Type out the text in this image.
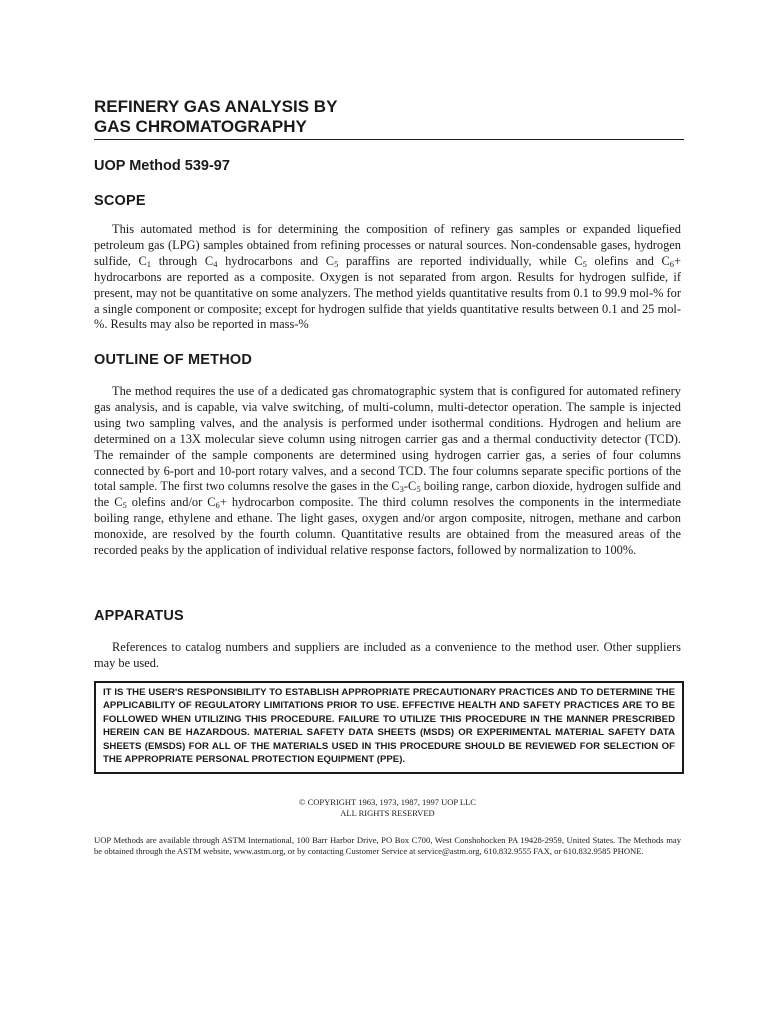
REFINERY GAS ANALYSIS BY
GAS CHROMATOGRAPHY
UOP Method 539-97
SCOPE

This automated method is for determining the composition of refinery gas samples or expanded liquefied petroleum gas (LPG) samples obtained from refining processes or natural sources. Non-condensable gases, hydrogen sulfide, $C_1$ through $C_4$ hydrocarbons and $C_5$ paraffins are reported individually, while $C_5$ olefins and $C_6+$ hydrocarbons are reported as a composite. Oxygen is not separated from argon. Results for hydrogen sulfide, if present, may not be quantitative on some analyzers. The method yields quantitative results from 0.1 to 99.9 mol-% for a single component or composite; except for hydrogen sulfide that yields quantitative results between 0.1 and 25 mol-%. Results may also be reported in mass-%

OUTLINE OF METHOD

The method requires the use of a dedicated gas chromatographic system that is configured for automated refinery gas analysis, and is capable, via valve switching, of multi-column, multi-detector operation. The sample is injected using two sampling valves, and the analysis is performed under isothermal conditions. Hydrogen and helium are determined on a 13X molecular sieve column using nitrogen carrier gas and a thermal conductivity detector (TCD). The remainder of the sample components are determined using hydrogen carrier gas, a series of four columns connected by 6-port and 10-port rotary valves, and a second TCD. The four columns separate specific portions of the total sample. The first two columns resolve the gases in the $C_3-C_5$ boiling range, carbon dioxide, hydrogen sulfide and the $C_5$ olefins and/or $C_6+$ hydrocarbon composite. The third column resolves the components in the intermediate boiling range, ethylene and ethane. The light gases, oxygen and/or argon composite, nitrogen, methane and carbon monoxide, are resolved by the fourth column. Quantitative results are obtained from the measured areas of the recorded peaks by the application of individual relative response factors, followed by normalization to 100%.

APPARATUS

References to catalog numbers and suppliers are included as a convenience to the method user. Other suppliers may be used.

IT IS THE USER'S RESPONSIBILITY TO ESTABLISH APPROPRIATE PRECAUTIONARY PRACTICES AND TO DETERMINE THE APPLICABILITY OF REGULATORY LIMITATIONS PRIOR TO USE. EFFECTIVE HEALTH AND SAFETY PRACTICES ARE TO BE FOLLOWED WHEN UTILIZING THIS PROCEDURE. FAILURE TO UTILIZE THIS PROCEDURE IN THE MANNER PRESCRIBED HEREIN CAN BE HAZARDOUS. MATERIAL SAFETY DATA SHEETS (MSDS) OR EXPERIMENTAL MATERIAL SAFETY DATA SHEETS (EMSDS) FOR ALL OF THE MATERIALS USED IN THIS PROCEDURE SHOULD BE REVIEWED FOR SELECTION OF THE APPROPRIATE PERSONAL PROTECTION EQUIPMENT (PPE).

© COPYRIGHT 1963, 1973, 1987, 1997 UOP LLC
ALL RIGHTS RESERVED

UOP Methods are available through ASTM International, 100 Barr Harbor Drive, PO Box C700, West Conshohocken PA 19428-2959, United States. The Methods may be obtained through the ASTM website, www.astm.org, or by contacting Customer Service at service@astm.org, 610.832.9555 FAX, or 610.832.9585 PHONE.
